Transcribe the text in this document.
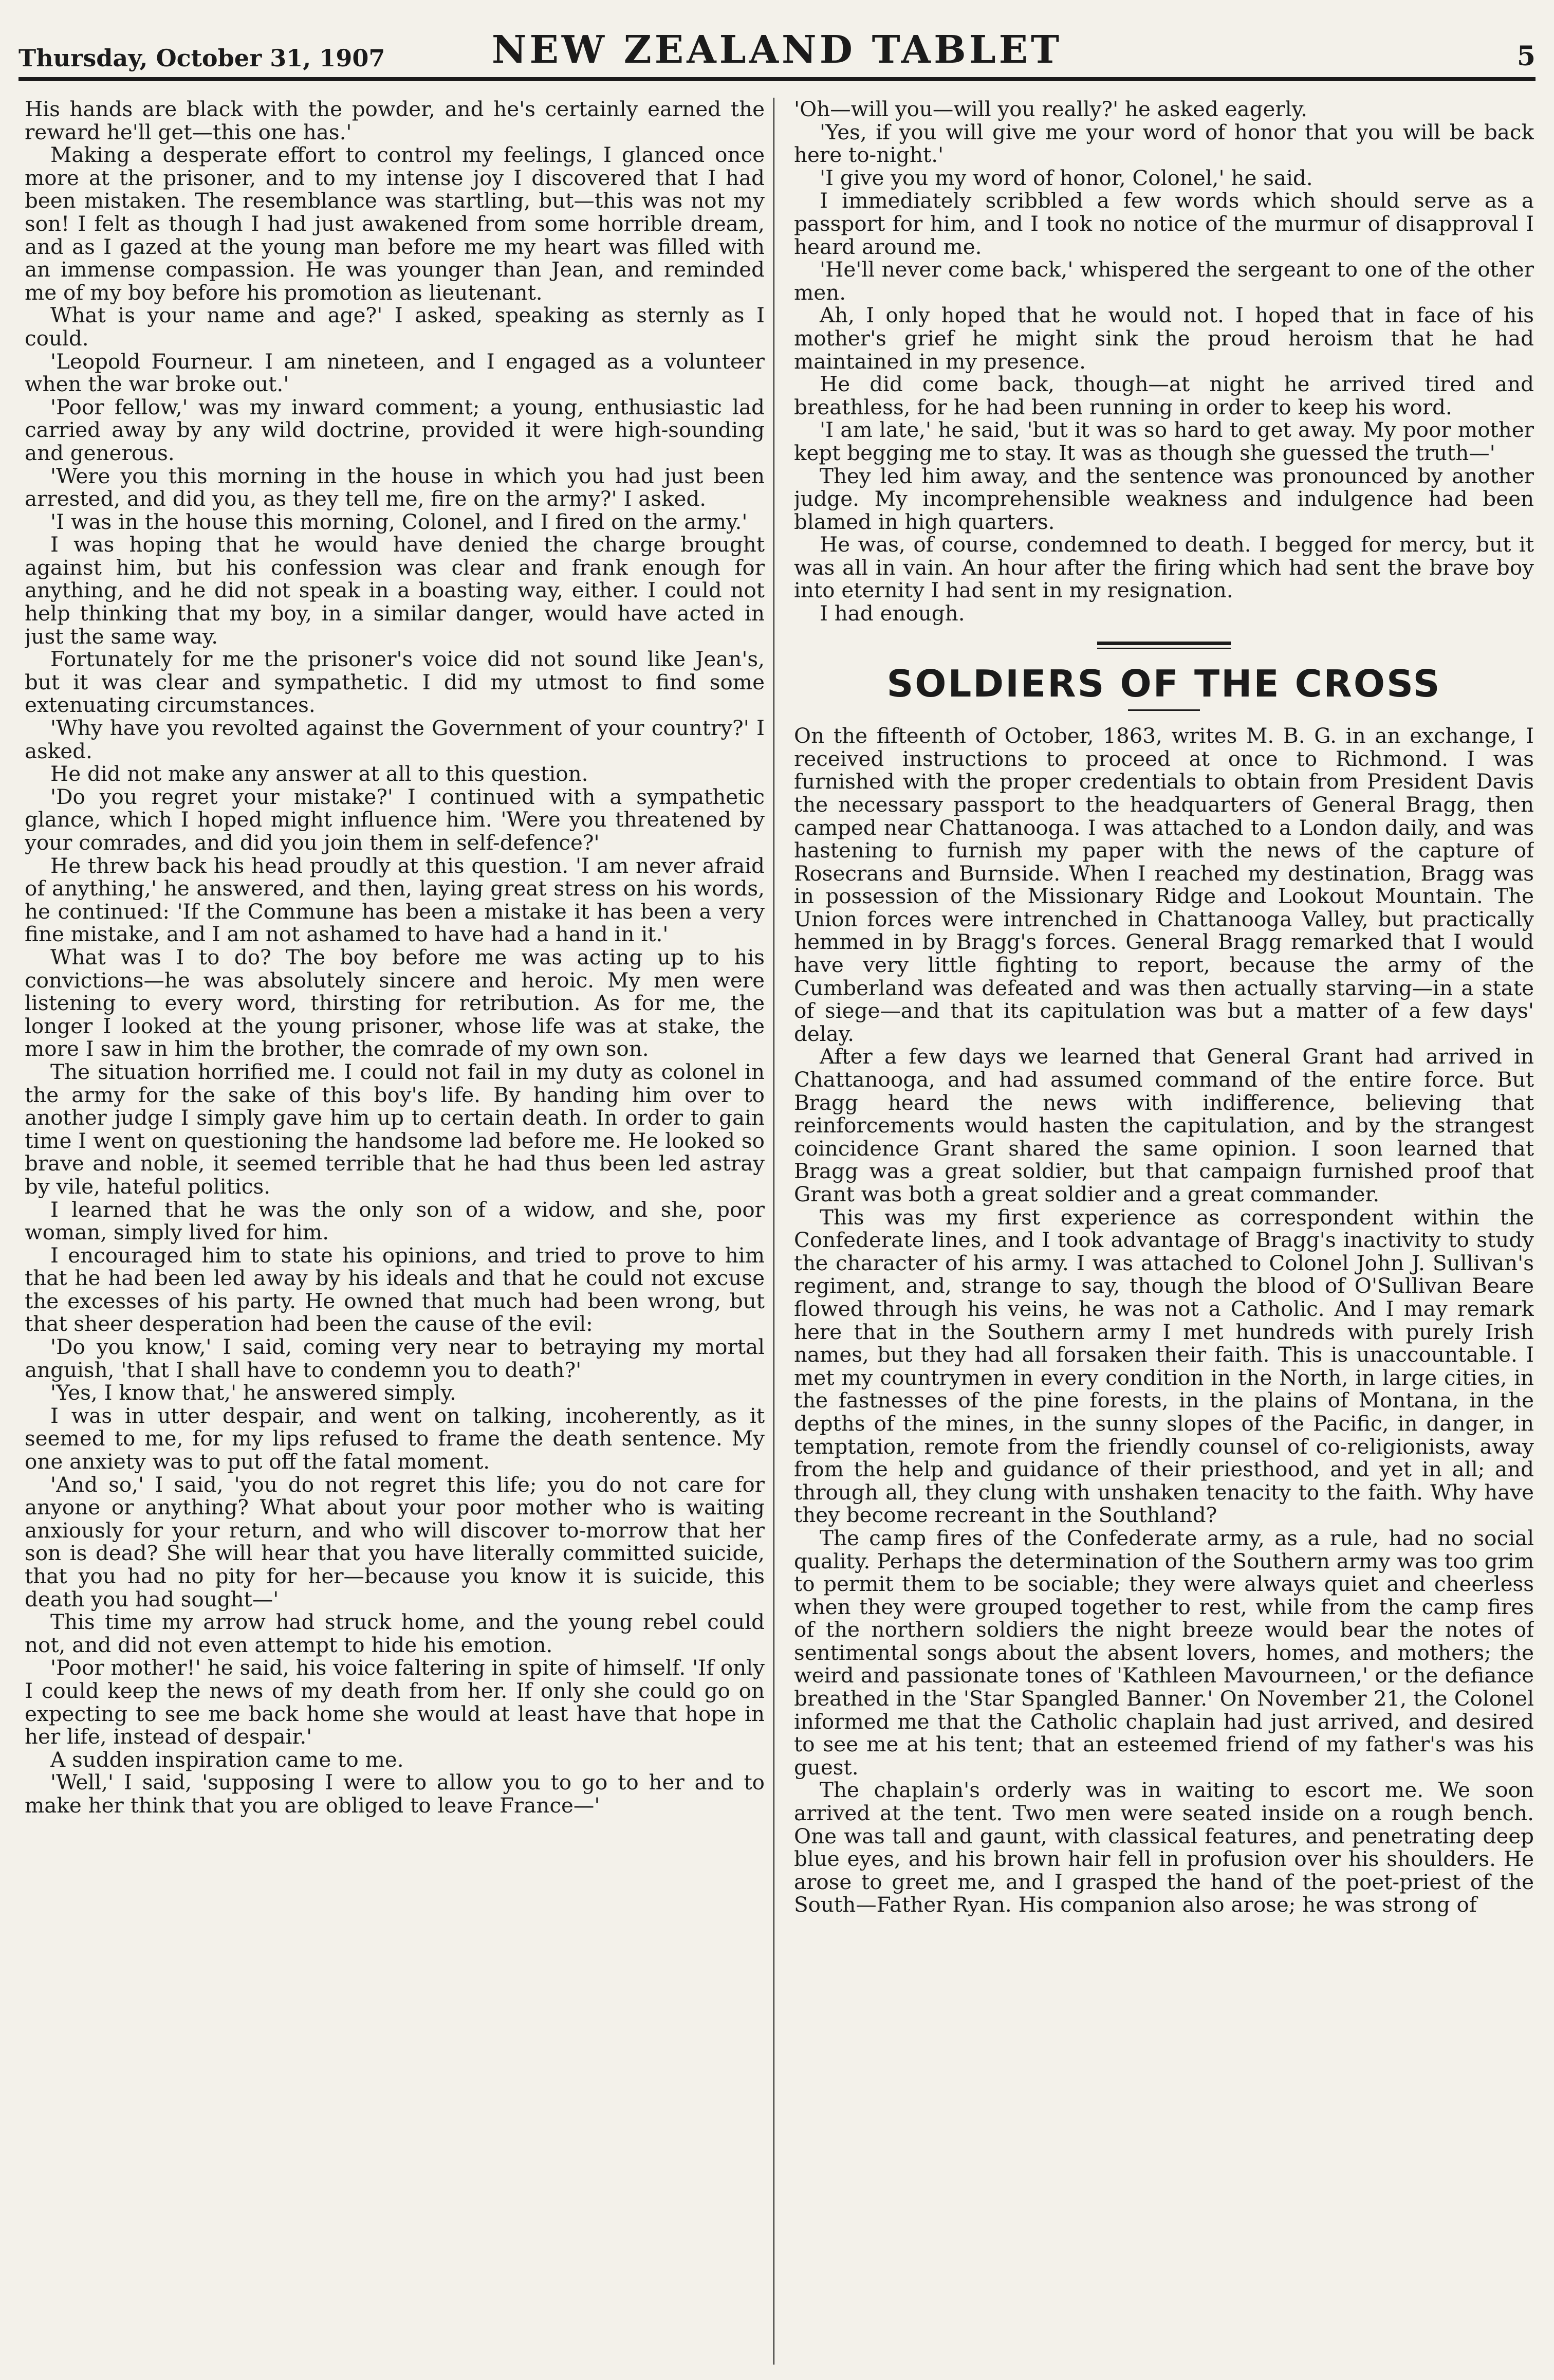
Thursday, October 31, 1907	NEW ZEALAND TABLET	5

His hands are black with the powder, and he's certainly earned the reward he'll get—this one has.'

Making a desperate effort to control my feelings, I glanced once more at the prisoner, and to my intense joy I discovered that I had been mistaken. The resemblance was startling, but—this was not my son! I felt as though I had just awakened from some horrible dream, and as I gazed at the young man before me my heart was filled with an immense compassion. He was younger than Jean, and reminded me of my boy before his promotion as lieutenant.

What is your name and age?' I asked, speaking as sternly as I could.

'Leopold Fourneur. I am nineteen, and I engaged as a volunteer when the war broke out.'

'Poor fellow,' was my inward comment; a young, enthusiastic lad carried away by any wild doctrine, provided it were high-sounding and generous.

'Were you this morning in the house in which you had just been arrested, and did you, as they tell me, fire on the army?' I asked.

'I was in the house this morning, Colonel, and I fired on the army.'

I was hoping that he would have denied the charge brought against him, but his confession was clear and frank enough for anything, and he did not speak in a boasting way, either. I could not help thinking that my boy, in a similar danger, would have acted in just the same way.

Fortunately for me the prisoner's voice did not sound like Jean's, but it was clear and sympathetic. I did my utmost to find some extenuating circumstances.

'Why have you revolted against the Government of your country?' I asked.

He did not make any answer at all to this question.

'Do you regret your mistake?' I continued with a sympathetic glance, which I hoped might influence him. 'Were you threatened by your comrades, and did you join them in self-defence?'

He threw back his head proudly at this question. 'I am never afraid of anything,' he answered, and then, laying great stress on his words, he continued: 'If the Commune has been a mistake it has been a very fine mistake, and I am not ashamed to have had a hand in it.'

What was I to do? The boy before me was acting up to his convictions—he was absolutely sincere and heroic. My men were listening to every word, thirsting for retribution. As for me, the longer I looked at the young prisoner, whose life was at stake, the more I saw in him the brother, the comrade of my own son.

The situation horrified me. I could not fail in my duty as colonel in the army for the sake of this boy's life. By handing him over to another judge I simply gave him up to certain death. In order to gain time I went on questioning the handsome lad before me. He looked so brave and noble, it seemed terrible that he had thus been led astray by vile, hateful politics.

I learned that he was the only son of a widow, and she, poor woman, simply lived for him.

I encouraged him to state his opinions, and tried to prove to him that he had been led away by his ideals and that he could not excuse the excesses of his party. He owned that much had been wrong, but that sheer desperation had been the cause of the evil:

'Do you know,' I said, coming very near to betraying my mortal anguish, 'that I shall have to condemn you to death?'

'Yes, I know that,' he answered simply.

I was in utter despair, and went on talking, incoherently, as it seemed to me, for my lips refused to frame the death sentence. My one anxiety was to put off the fatal moment.

'And so,' I said, 'you do not regret this life; you do not care for anyone or anything? What about your poor mother who is waiting anxiously for your return, and who will discover to-morrow that her son is dead? She will hear that you have literally committed suicide, that you had no pity for her—because you know it is suicide, this death you had sought—'

This time my arrow had struck home, and the young rebel could not, and did not even attempt to hide his emotion.

'Poor mother!' he said, his voice faltering in spite of himself. 'If only I could keep the news of my death from her. If only she could go on expecting to see me back home she would at least have that hope in her life, instead of despair.'

A sudden inspiration came to me.

'Well,' I said, 'supposing I were to allow you to go to her and to make her think that you are obliged to leave France—'

'Oh—will you—will you really?' he asked eagerly.

'Yes, if you will give me your word of honor that you will be back here to-night.'

'I give you my word of honor, Colonel,' he said.

I immediately scribbled a few words which should serve as a passport for him, and I took no notice of the murmur of disapproval I heard around me.

'He'll never come back,' whispered the sergeant to one of the other men.

Ah, I only hoped that he would not. I hoped that in face of his mother's grief he might sink the proud heroism that he had maintained in my presence.

He did come back, though—at night he arrived tired and breathless, for he had been running in order to keep his word.

'I am late,' he said, 'but it was so hard to get away. My poor mother kept begging me to stay. It was as though she guessed the truth—'

They led him away, and the sentence was pronounced by another judge. My incomprehensible weakness and indulgence had been blamed in high quarters.

He was, of course, condemned to death. I begged for mercy, but it was all in vain. An hour after the firing which had sent the brave boy into eternity I had sent in my resignation.

I had enough.

SOLDIERS OF THE CROSS

On the fifteenth of October, 1863, writes M. B. G. in an exchange, I received instructions to proceed at once to Richmond. I was furnished with the proper credentials to obtain from President Davis the necessary passport to the headquarters of General Bragg, then camped near Chattanooga. I was attached to a London daily, and was hastening to furnish my paper with the news of the capture of Rosecrans and Burnside. When I reached my destination, Bragg was in possession of the Missionary Ridge and Lookout Mountain. The Union forces were intrenched in Chattanooga Valley, but practically hemmed in by Bragg's forces. General Bragg remarked that I would have very little fighting to report, because the army of the Cumberland was defeated and was then actually starving—in a state of siege—and that its capitulation was but a matter of a few days' delay.

After a few days we learned that General Grant had arrived in Chattanooga, and had assumed command of the entire force. But Bragg heard the news with indifference, believing that reinforcements would hasten the capitulation, and by the strangest coincidence Grant shared the same opinion. I soon learned that Bragg was a great soldier, but that campaign furnished proof that Grant was both a great soldier and a great commander.

This was my first experience as correspondent within the Confederate lines, and I took advantage of Bragg's inactivity to study the character of his army. I was attached to Colonel John J. Sullivan's regiment, and, strange to say, though the blood of O'Sullivan Beare flowed through his veins, he was not a Catholic. And I may remark here that in the Southern army I met hundreds with purely Irish names, but they had all forsaken their faith. This is unaccountable. I met my countrymen in every condition in the North, in large cities, in the fastnesses of the pine forests, in the plains of Montana, in the depths of the mines, in the sunny slopes of the Pacific, in danger, in temptation, remote from the friendly counsel of co-religionists, away from the help and guidance of their priesthood, and yet in all; and through all, they clung with unshaken tenacity to the faith. Why have they become recreant in the Southland?

The camp fires of the Confederate army, as a rule, had no social quality. Perhaps the determination of the Southern army was too grim to permit them to be sociable; they were always quiet and cheerless when they were grouped together to rest, while from the camp fires of the northern soldiers the night breeze would bear the notes of sentimental songs about the absent lovers, homes, and mothers; the weird and passionate tones of 'Kathleen Mavourneen,' or the defiance breathed in the 'Star Spangled Banner.' On November 21, the Colonel informed me that the Catholic chaplain had just arrived, and desired to see me at his tent; that an esteemed friend of my father's was his guest.

The chaplain's orderly was in waiting to escort me. We soon arrived at the tent. Two men were seated inside on a rough bench. One was tall and gaunt, with classical features, and penetrating deep blue eyes, and his brown hair fell in profusion over his shoulders. He arose to greet me, and I grasped the hand of the poet-priest of the South—Father Ryan. His companion also arose; he was strong of
